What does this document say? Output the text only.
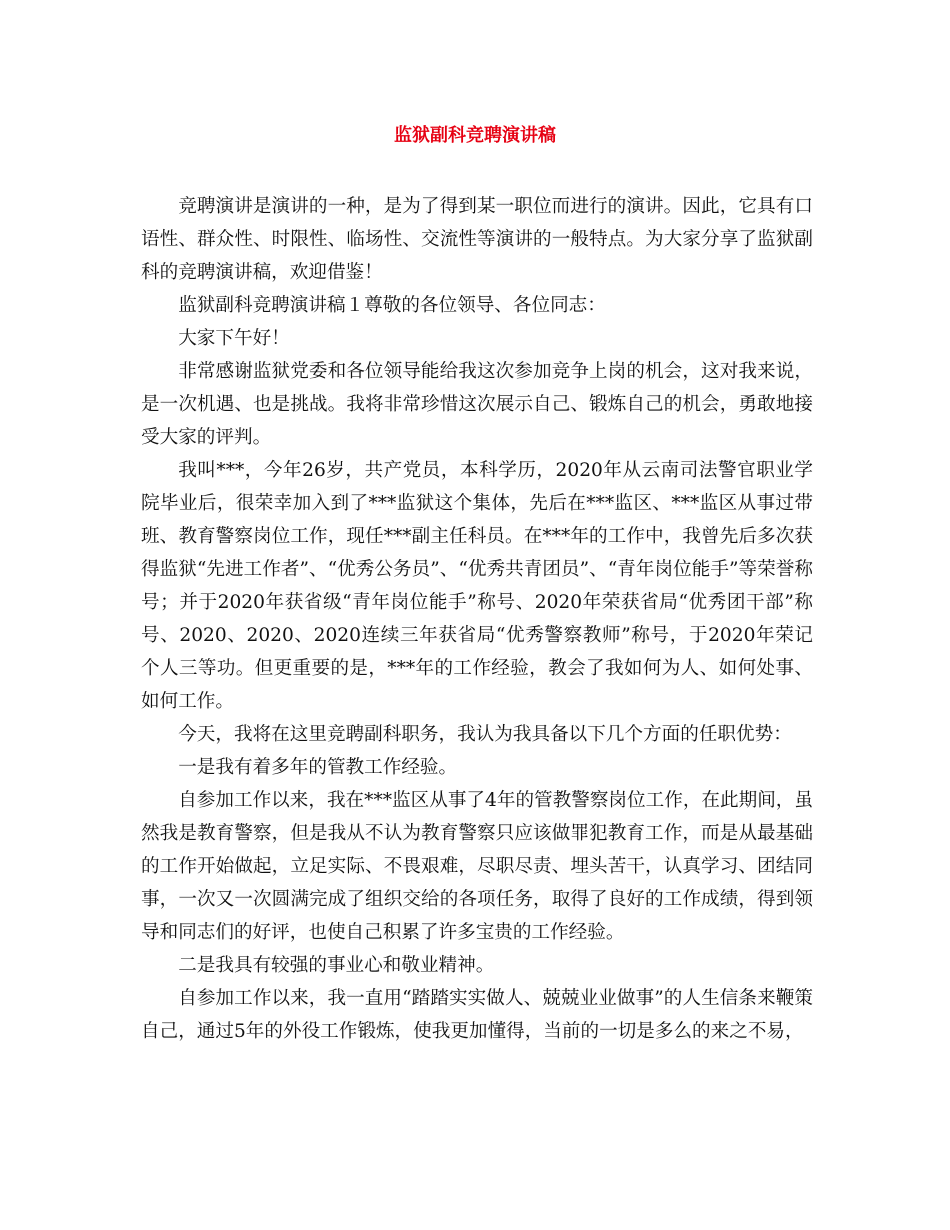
监狱副科竞聘演讲稿

竞聘演讲是演讲的一种，是为了得到某一职位而进行的演讲。因此，它具有口语性、群众性、时限性、临场性、交流性等演讲的一般特点。为大家分享了监狱副科的竞聘演讲稿，欢迎借鉴！

监狱副科竞聘演讲稿１尊敬的各位领导、各位同志：

大家下午好！

非常感谢监狱党委和各位领导能给我这次参加竞争上岗的机会，这对我来说，是一次机遇、也是挑战。我将非常珍惜这次展示自己、锻炼自己的机会，勇敢地接受大家的评判。

我叫***，今年26岁，共产党员，本科学历，2020年从云南司法警官职业学院毕业后，很荣幸加入到了***监狱这个集体，先后在***监区、***监区从事过带班、教育警察岗位工作，现任***副主任科员。在***年的工作中，我曾先后多次获得监狱“先进工作者”、“优秀公务员”、“优秀共青团员”、“青年岗位能手”等荣誉称号；并于2020年获省级“青年岗位能手”称号、2020年荣获省局“优秀团干部”称号、2020、2020、2020连续三年获省局“优秀警察教师”称号，于2020年荣记个人三等功。但更重要的是，***年的工作经验，教会了我如何为人、如何处事、如何工作。

今天，我将在这里竞聘副科职务，我认为我具备以下几个方面的任职优势：

一是我有着多年的管教工作经验。

自参加工作以来，我在***监区从事了4年的管教警察岗位工作，在此期间，虽然我是教育警察，但是我从不认为教育警察只应该做罪犯教育工作，而是从最基础的工作开始做起，立足实际、不畏艰难，尽职尽责、埋头苦干，认真学习、团结同事，一次又一次圆满完成了组织交给的各项任务，取得了良好的工作成绩，得到领导和同志们的好评，也使自己积累了许多宝贵的工作经验。

二是我具有较强的事业心和敬业精神。

自参加工作以来，我一直用“踏踏实实做人、兢兢业业做事”的人生信条来鞭策自己，通过5年的外役工作锻炼，使我更加懂得，当前的一切是多么的来之不易，
